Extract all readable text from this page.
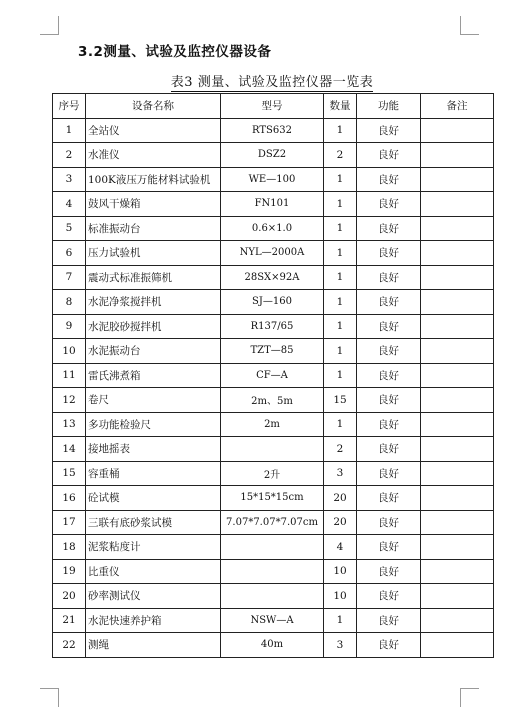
3.2测量、试验及监控仪器设备
表3 测量、试验及监控仪器一览表
序号	设备名称	型号	数量	功能	备注
1	全站仪	RTS632	1	良好	
2	水准仪	DSZ2	2	良好	
3	100K液压万能材料试验机	WE—100	1	良好	
4	鼓风干燥箱	FN101	1	良好	
5	标准振动台	0.6×1.0	1	良好	
6	压力试验机	NYL—2000A	1	良好	
7	震动式标准振筛机	28SX×92A	1	良好	
8	水泥净浆搅拌机	SJ—160	1	良好	
9	水泥胶砂搅拌机	R137/65	1	良好	
10	水泥振动台	TZT—85	1	良好	
11	雷氏沸煮箱	CF—A	1	良好	
12	卷尺	2m、5m	15	良好	
13	多功能检验尺	2m	1	良好	
14	接地摇表		2	良好	
15	容重桶	2升	3	良好	
16	砼试模	15*15*15cm	20	良好	
17	三联有底砂浆试模	7.07*7.07*7.07cm	20	良好	
18	泥浆粘度计		4	良好	
19	比重仪		10	良好	
20	砂率测试仪		10	良好	
21	水泥快速养护箱	NSW—A	1	良好	
22	测绳	40m	3	良好	
